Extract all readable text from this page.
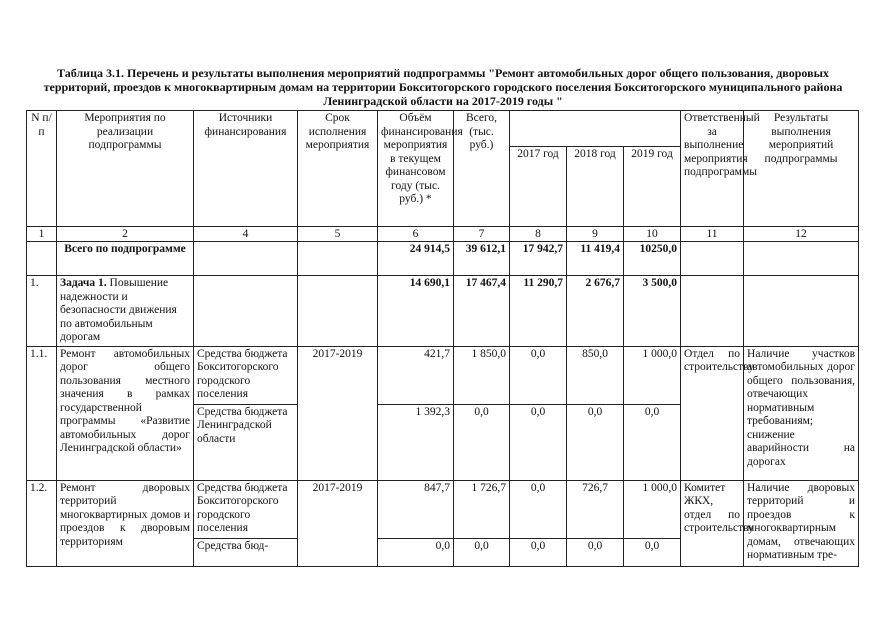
Таблица 3.1. Перечень и результаты выполнения мероприятий подпрограммы "Ремонт автомобильных дорог общего пользования, дворовых территорий, проездов к многоквартирным домам на территории Бокситогорского городского поселения Бокситогорского муниципального района Ленинградской области на 2017-2019 годы "
N п/п	Мероприятия по реализации подпрограммы	Источники финансирования	Срок исполнения мероприятия	Объём финансирования мероприятия в текущем финансовом году (тыс. руб.) *	Всего, (тыс. руб.)				Ответственный за выполнение мероприятия подпрограммы	Результаты выполнения мероприятий подпрограммы
						2017 год	2018 год	2019 год		
1	2	4	5	6	7	8	9	10	11	12
	Всего по подпрограмме			24 914,5	39 612,1	17 942,7	11 419,4	10250,0		
1.	Задача 1. Повышение надежности и безопасности движения по автомобильным дорогам			14 690,1	17 467,4	11 290,7	2 676,7	3 500,0		
1.1.	Ремонт автомобильных дорог общего пользования местного значения в рамках государственной программы «Развитие автомобильных дорог Ленинградской области»	Средства бюджета Бокситогорского городского поселения	2017-2019	421,7	1 850,0	0,0	850,0	1 000,0	Отдел по строительству	Наличие участков автомобильных дорог общего пользования, отвечающих нормативным требованиям; снижение аварийности на дорогах
		Средства бюджета Ленинградской области		1 392,3	0,0	0,0	0,0	0,0		
1.2.	Ремонт дворовых территорий многоквартирных домов и проездов к дворовым территориям	Средства бюджета Бокситогорского городского поселения	2017-2019	847,7	1 726,7	0,0	726,7	1 000,0	Комитет ЖКХ, отдел по строительству	Наличие дворовых территорий и проездов к многоквартирным домам, отвечающих нормативным тре-
		Средства бюд-		0,0	0,0	0,0	0,0	0,0		
